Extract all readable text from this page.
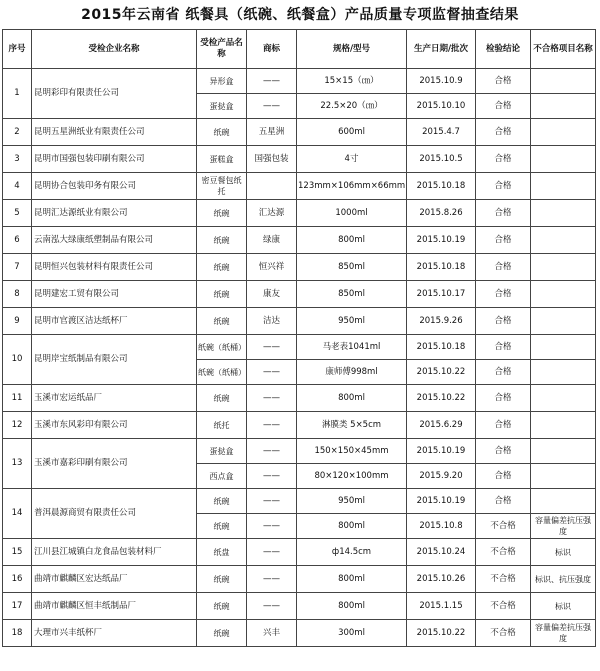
2015年云南省 纸餐具（纸碗、纸餐盒）产品质量专项监督抽查结果
序号	受检企业名称	受检产品名称	商标	规格/型号	生产日期/批次	检验结论	不合格项目名称
1	昆明彩印有限责任公司	异形盒	——	15×15（㎝）	2015.10.9	合格	
		蛋挞盒	——	22.5×20（㎝）	2015.10.10	合格	
2	昆明五星洲纸业有限责任公司	纸碗	五星洲	600ml	2015.4.7	合格	
3	昆明市国强包装印刷有限公司	蛋糕盒	国强包装	4寸	2015.10.5	合格	
4	昆明协合包装印务有限公司	密豆餐包纸托		123mm×106mm×66mm	2015.10.18	合格	
5	昆明汇达源纸业有限公司	纸碗	汇达源	1000ml	2015.8.26	合格	
6	云南泓大绿康纸塑制品有限公司	纸碗	绿康	800ml	2015.10.19	合格	
7	昆明恒兴包装材料有限责任公司	纸碗	恒兴祥	850ml	2015.10.18	合格	
8	昆明建宏工贸有限公司	纸碗	康友	850ml	2015.10.17	合格	
9	昆明市官渡区洁达纸杯厂	纸碗	洁达	950ml	2015.9.26	合格	
10	昆明岸宝纸制品有限公司	纸碗（纸桶）	——	马老表1041ml	2015.10.18	合格	
		纸碗（纸桶）	——	康师傅998ml	2015.10.22	合格	
11	玉溪市宏运纸品厂	纸碗	——	800ml	2015.10.22	合格	
12	玉溪市东风彩印有限公司	纸托	——	淋膜类 5×5cm	2015.6.29	合格	
13	玉溪市嘉彩印刷有限公司	蛋挞盒	——	150×150×45mm	2015.10.19	合格	
		西点盒	——	80×120×100mm	2015.9.20	合格	
14	普洱晨源商贸有限责任公司	纸碗	——	950ml	2015.10.19	合格	
		纸碗	——	800ml	2015.10.8	不合格	容量偏差抗压强度
15	江川县江城镇白龙食品包装材料厂	纸盘	——	ф14.5cm	2015.10.24	不合格	标识
16	曲靖市麒麟区宏达纸品厂	纸碗	——	800ml	2015.10.26	不合格	标识、抗压强度
17	曲靖市麒麟区恒丰纸制品厂	纸碗	——	800ml	2015.1.15	不合格	标识
18	大理市兴丰纸杯厂	纸碗	兴丰	300ml	2015.10.22	不合格	容量偏差抗压强度
